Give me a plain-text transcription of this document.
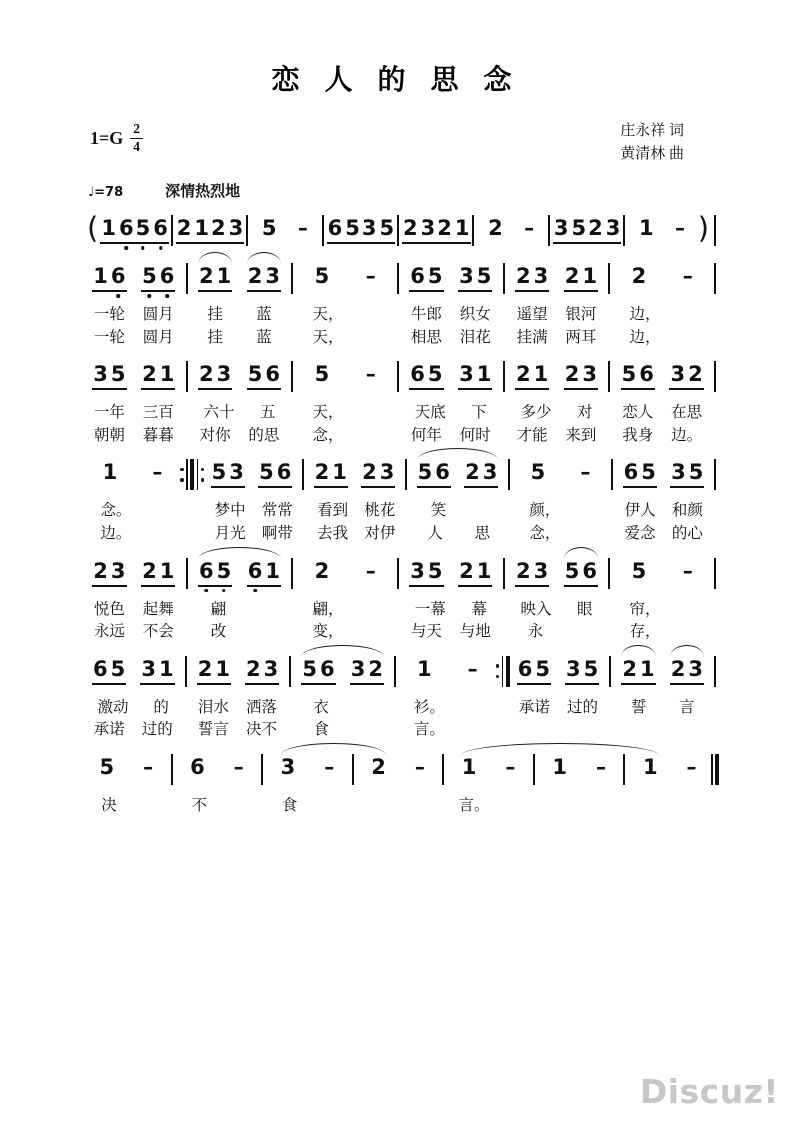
恋 人 的 思 念
$1=G \frac{2}{4}$	庄永祥 词
黄清林 曲
♩=78	深情热烈地
( 1 6 5 6 2 1 2 3 5 – 6 5 3 5 2 3 2 1 2 – 3 5 2 3 1 – )
1 6 5 6 2 1 2 3 5 – 6 5 3 5 2 3 2 1 2 –
一轮 圆月 挂 蓝	天，	牛郎 织女 遥望 银河 边，
一轮 圆月 挂 蓝	天，	相思 泪花 挂满 两耳 边，
3 5 2 1 2 3 5 6 5 – 6 5 3 1 2 1 2 3 5 6 3 2
一年 三百 六十 五 天，	天底 下 多少 对 恋人 在思
朝朝 暮暮 对你 的思 念，	何年 何时 才能 来到 我身 边。
1 – 5 3 5 6 2 1 2 3 5 6 2 3 5 – 6 5 3 5
念。	梦中 常常 看到 桃花 笑	颜，	伊人 和颜
边。	月光 啊带 去我 对伊 人 思	念，	爱念 的心
2 3 2 1 6 5 6 1 2 – 3 5 2 1 2 3 5 6 5 –
悦色 起舞 翩	翩，	一幕 幕 映入 眼 帘，
永远 不会 改	变，	与天 与地 永	存，
6 5 3 1 2 1 2 3 5 6 3 2 1 – 6 5 3 5 2 1 2 3
激动 的 泪水 洒落 衣	衫。	承诺 过的 誓 言
承诺 过的 誓言 决不 食	言。
5 – 6 – 3 – 2 – 1 – 1 – 1 –
决	不	食	言。
Discuz!
